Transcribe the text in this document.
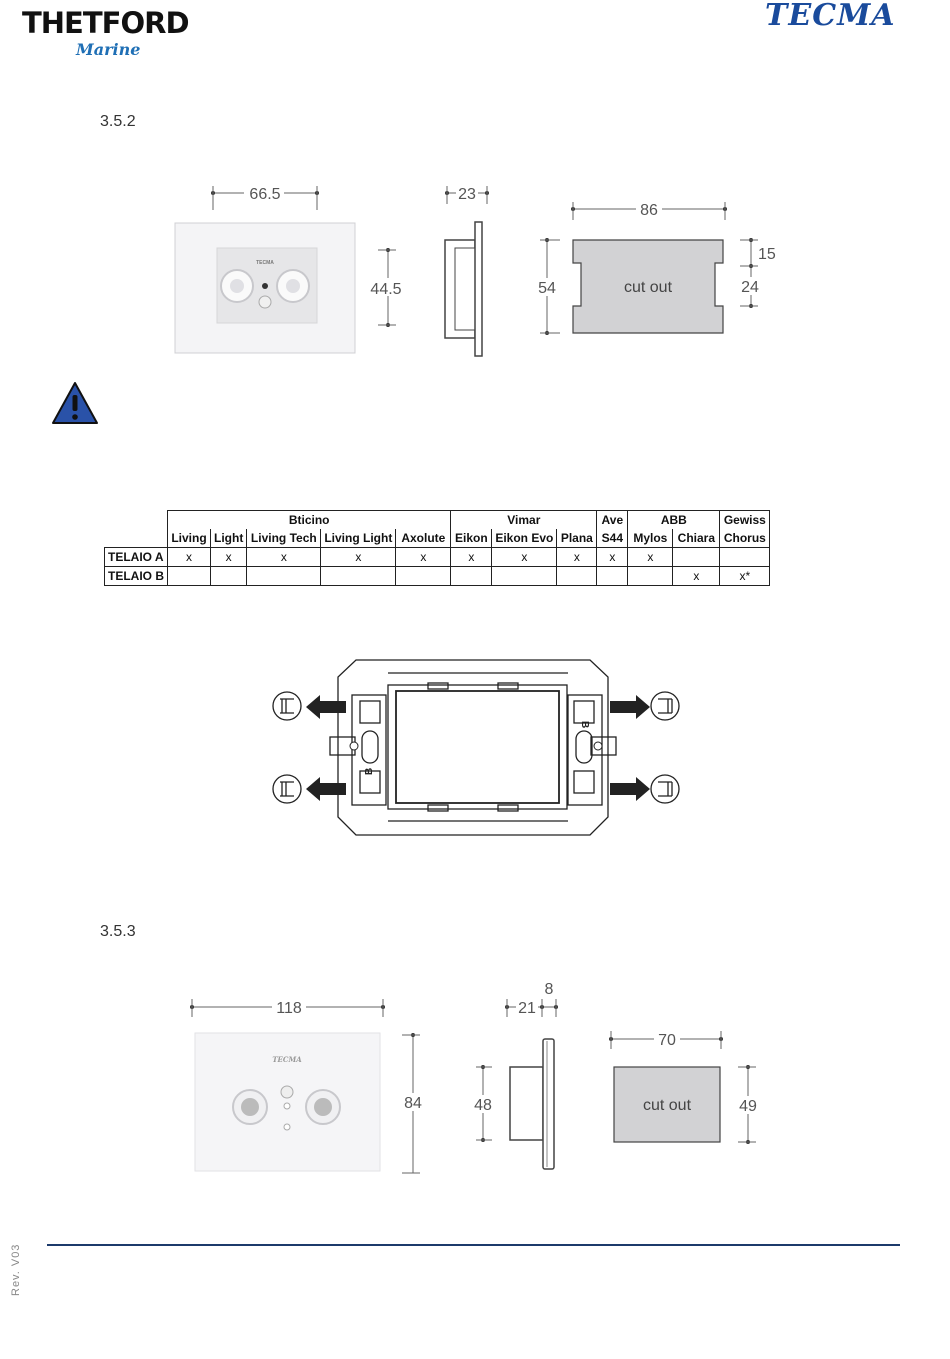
THETFORD
Marine
TECMA
3.5.2
TECMA
66.5
44.5
23
cut out
86
54
15
24
	Bticino					Vimar			Ave	ABB		Gewiss
	Living	Light	Living Tech	Living Light	Axolute	Eikon	Eikon Evo	Plana	S44	Mylos	Chiara	Chorus
TELAIO A	x	x	x	x	x	x	x	x	x	x		
TELAIO B											x	x*
B
B
3.5.3
TECMA
118
84
21
8
48	cut out
70
49
Rev. V03
